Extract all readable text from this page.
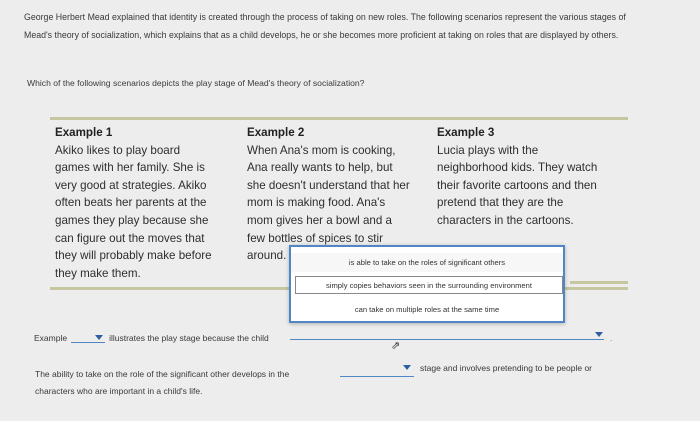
George Herbert Mead explained that identity is created through the process of taking on new roles. The following scenarios represent the various stages of Mead's theory of socialization, which explains that as a child develops, he or she becomes more proficient at taking on roles that are displayed by others.
Which of the following scenarios depicts the play stage of Mead's theory of socialization?
Example 1
Akiko likes to play board
games with her family. She is
very good at strategies. Akiko
often beats her parents at the
games they play because she
can figure out the moves that
they will probably make before
they make them.
Example 2
When Ana's mom is cooking,
Ana really wants to help, but
she doesn't understand that her
mom is making food. Ana's
mom gives her a bowl and a
few bottles of spices to stir
around.
Example 3
Lucia plays with the
neighborhood kids. They watch
their favorite cartoons and then
pretend that they are the
characters in the cartoons.
is able to take on the roles of significant others
simply copies behaviors seen in the surrounding environment
can take on multiple roles at the same time
Example	illustrates the play stage because the child	.
⇗
The ability to take on the role of the significant other develops in the
stage and involves pretending to be people or
characters who are important in a child's life.
